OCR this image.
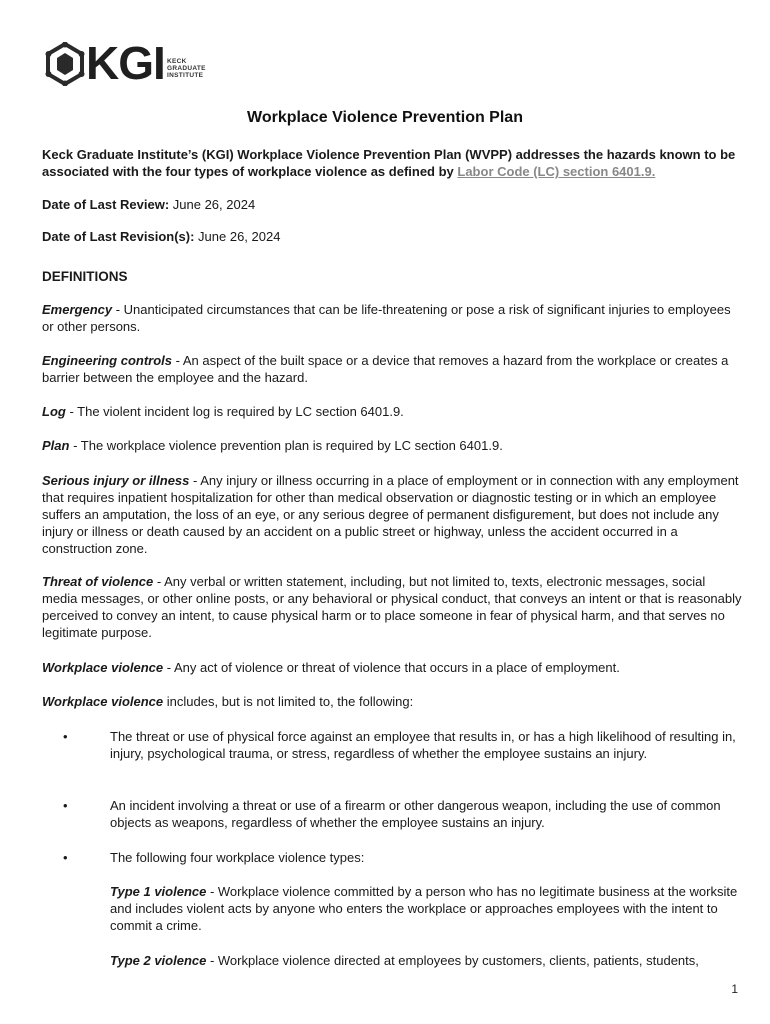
KGI KECK
GRADUATE
INSTITUTE
Workplace Violence Prevention Plan
Keck Graduate Institute’s (KGI) Workplace Violence Prevention Plan (WVPP) addresses the hazards known to be associated with the four types of workplace violence as defined by Labor Code (LC) section 6401.9.
Date of Last Review: June 26, 2024
Date of Last Revision(s): June 26, 2024
DEFINITIONS
Emergency - Unanticipated circumstances that can be life-threatening or pose a risk of significant injuries to employees or other persons.
Engineering controls - An aspect of the built space or a device that removes a hazard from the workplace or creates a barrier between the employee and the hazard.
Log - The violent incident log is required by LC section 6401.9.
Plan - The workplace violence prevention plan is required by LC section 6401.9.
Serious injury or illness - Any injury or illness occurring in a place of employment or in connection with any employment that requires inpatient hospitalization for other than medical observation or diagnostic testing or in which an employee suffers an amputation, the loss of an eye, or any serious degree of permanent disfigurement, but does not include any injury or illness or death caused by an accident on a public street or highway, unless the accident occurred in a construction zone.
Threat of violence - Any verbal or written statement, including, but not limited to, texts, electronic messages, social media messages, or other online posts, or any behavioral or physical conduct, that conveys an intent or that is reasonably perceived to convey an intent, to cause physical harm or to place someone in fear of physical harm, and that serves no legitimate purpose.
Workplace violence - Any act of violence or threat of violence that occurs in a place of employment.
Workplace violence includes, but is not limited to, the following:
•	The threat or use of physical force against an employee that results in, or has a high likelihood of resulting in, injury, psychological trauma, or stress, regardless of whether the employee sustains an injury.
•	An incident involving a threat or use of a firearm or other dangerous weapon, including the use of common objects as weapons, regardless of whether the employee sustains an injury.
•	The following four workplace violence types:
Type 1 violence - Workplace violence committed by a person who has no legitimate business at the worksite and includes violent acts by anyone who enters the workplace or approaches employees with the intent to commit a crime.
Type 2 violence - Workplace violence directed at employees by customers, clients, patients, students,
1
